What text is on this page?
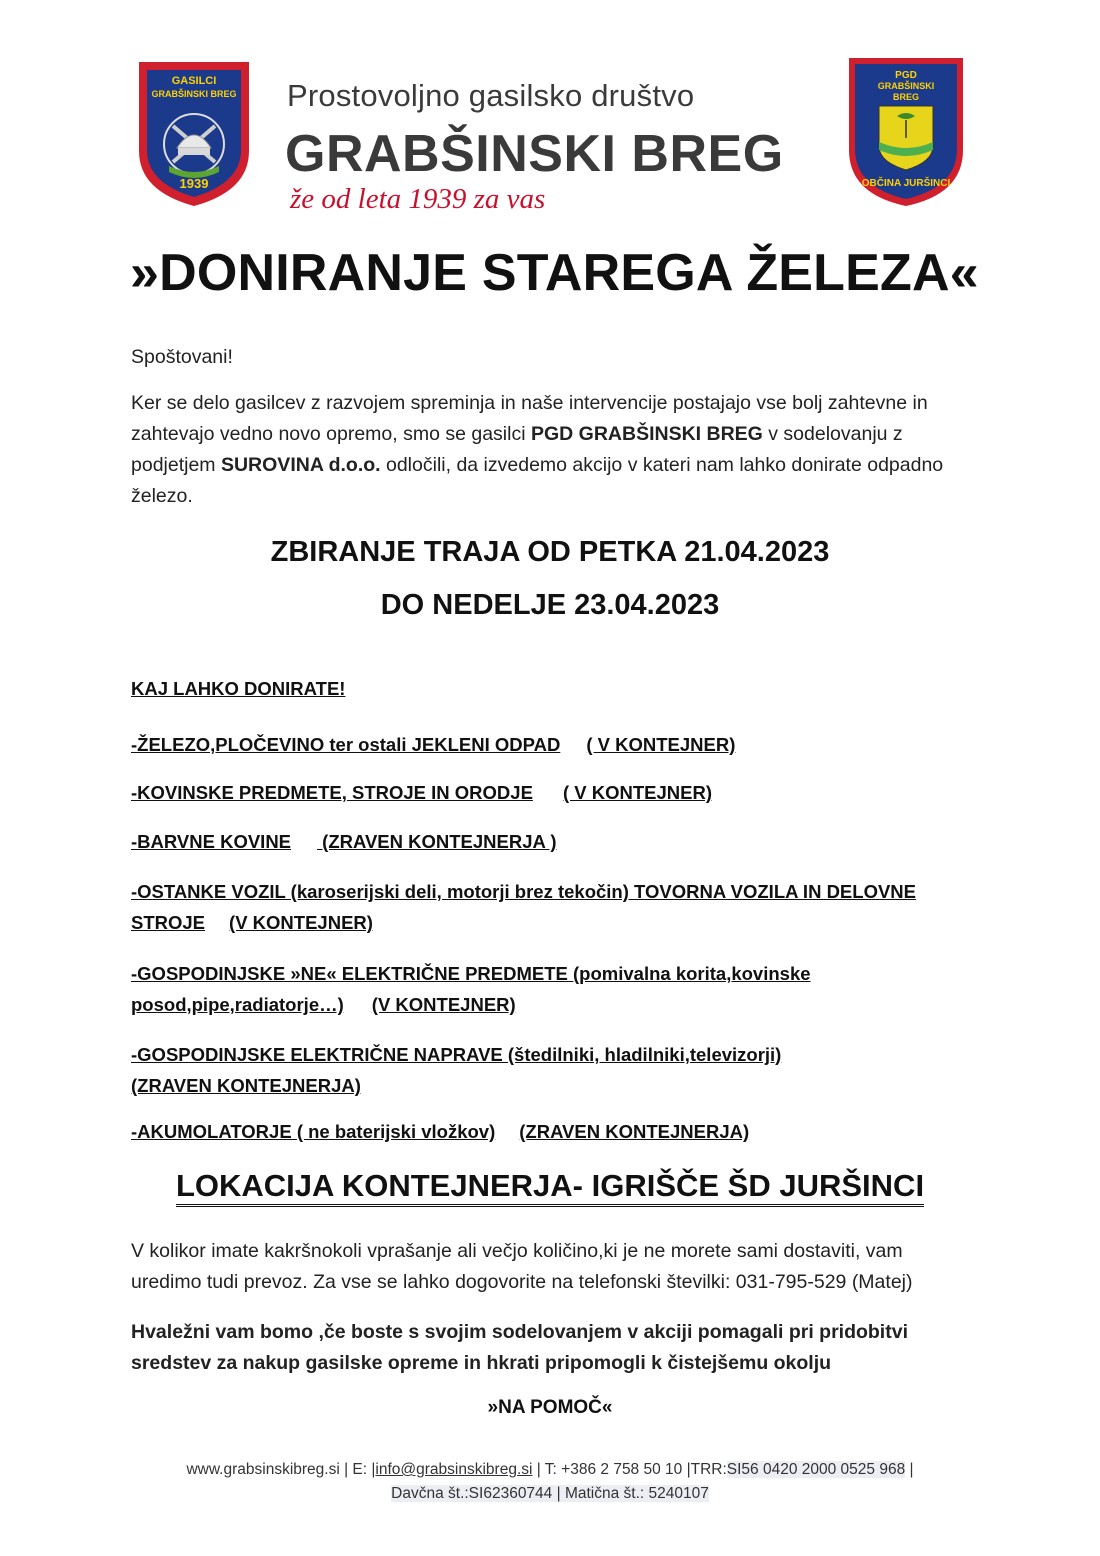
GASILCI
GRABŠINSKI BREG
1939
Prostovoljno gasilsko društvo
GRABŠINSKI BREG
že od leta 1939 za vas
PGD
GRABŠINSKI
BREG
OBČINA JURŠINCI
»DONIRANJE STAREGA ŽELEZA«
Spoštovani!
Ker se delo gasilcev z razvojem spreminja in naše intervencije postajajo vse bolj zahtevne in zahtevajo vedno novo opremo, smo se gasilci PGD GRABŠINSKI BREG v sodelovanju z podjetjem SUROVINA d.o.o. odločili, da izvedemo akcijo v kateri nam lahko donirate odpadno železo.
ZBIRANJE TRAJA OD PETKA 21.04.2023
DO NEDELJE 23.04.2023
KAJ LAHKO DONIRATE!
-ŽELEZO,PLOČEVINO ter ostali JEKLENI ODPAD ( V KONTEJNER)
-KOVINSKE PREDMETE, STROJE IN ORODJE ( V KONTEJNER)
-BARVNE KOVINE (ZRAVEN KONTEJNERJA )
-OSTANKE VOZIL (karoserijski deli, motorji brez tekočin) TOVORNA VOZILA IN DELOVNE STROJE (V KONTEJNER)
-GOSPODINJSKE »NE« ELEKTRIČNE PREDMETE (pomivalna korita,kovinske posod,pipe,radiatorje…) (V KONTEJNER)
-GOSPODINJSKE ELEKTRIČNE NAPRAVE (štedilniki, hladilniki,televizorji) (ZRAVEN KONTEJNERJA)
-AKUMOLATORJE ( ne baterijski vložkov) (ZRAVEN KONTEJNERJA)
LOKACIJA KONTEJNERJA- IGRIŠČE ŠD JURŠINCI
V kolikor imate kakršnokoli vprašanje ali večjo količino,ki je ne morete sami dostaviti, vam uredimo tudi prevoz. Za vse se lahko dogovorite na telefonski številki: 031-795-529 (Matej)
Hvaležni vam bomo ,če boste s svojim sodelovanjem v akciji pomagali pri pridobitvi sredstev za nakup gasilske opreme in hkrati pripomogli k čistejšemu okolju
»NA POMOČ«
www.grabsinskibreg.si | E: |info@grabsinskibreg.si | T: +386 2 758 50 10 |TRR:SI56 0420 2000 0525 968 |
Davčna št.:SI62360744 | Matična št.: 5240107
